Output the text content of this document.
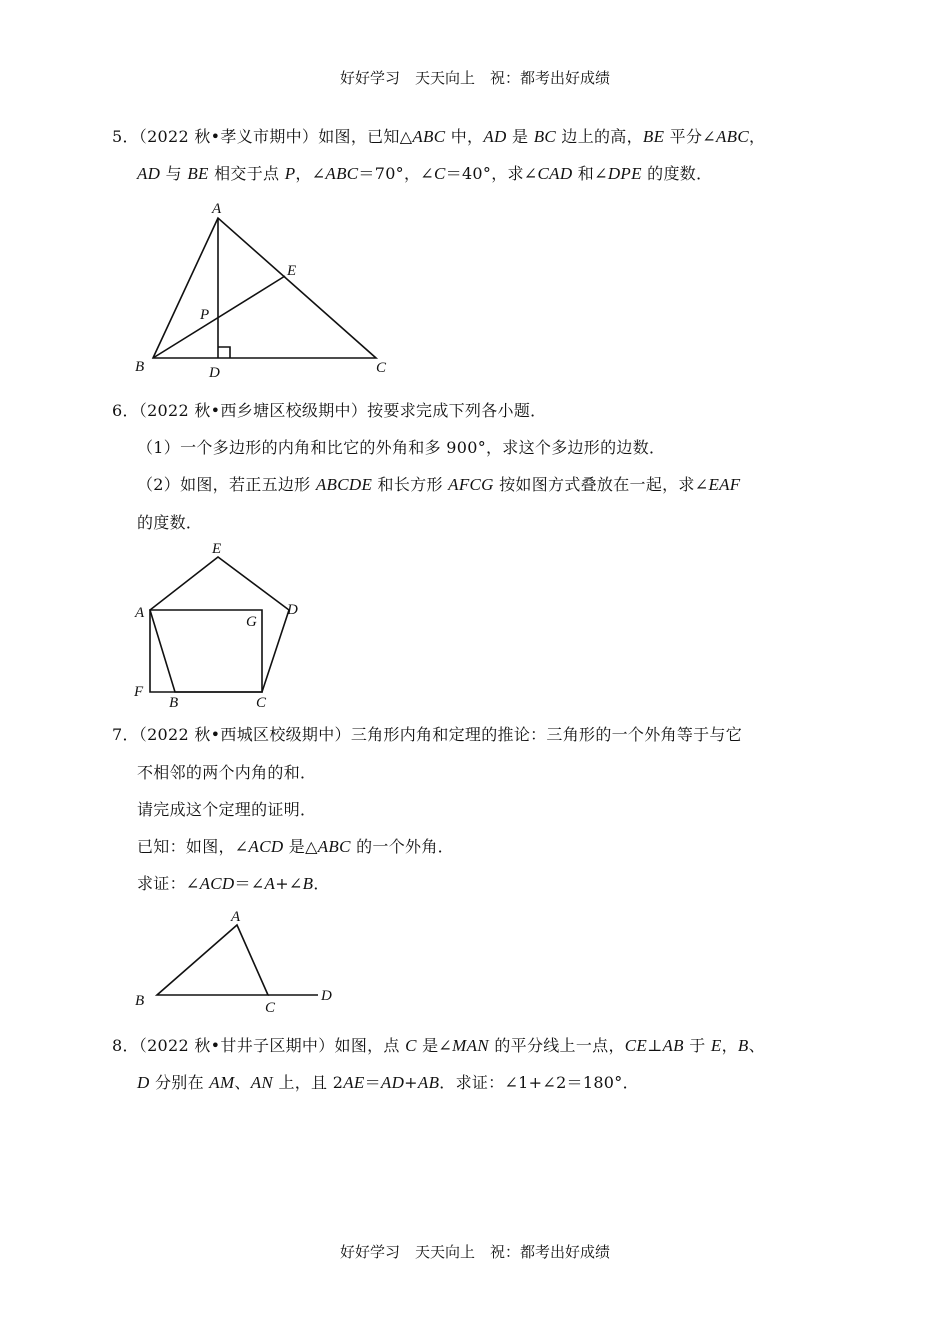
好好学习　天天向上　祝：都考出好成绩
5．（2022 秋•孝义市期中）如图，已知△ABC 中，AD 是 BC 边上的高，BE 平分∠ABC，
AD 与 BE 相交于点 P，∠ABC＝70°，∠C＝40°，求∠CAD 和∠DPE 的度数．
A
B	C
D
E
P
6．（2022 秋•西乡塘区校级期中）按要求完成下列各小题．
（1）一个多边形的内角和比它的外角和多 900°，求这个多边形的边数．
（2）如图，若正五边形 ABCDE 和长方形 AFCG 按如图方式叠放在一起，求∠EAF
的度数．
E
A	D
G
F
B	C
7．（2022 秋•西城区校级期中）三角形内角和定理的推论：三角形的一个外角等于与它
不相邻的两个内角的和．
请完成这个定理的证明．
已知：如图，∠ACD 是△ABC 的一个外角．
求证：∠ACD＝∠A+∠B．
A
B	C
D
8．（2022 秋•甘井子区期中）如图，点 C 是∠MAN 的平分线上一点，CE⊥AB 于 E，B、
D 分别在 AM、AN 上，且 2AE＝AD+AB．求证：∠1+∠2＝180°．
好好学习　天天向上　祝：都考出好成绩
